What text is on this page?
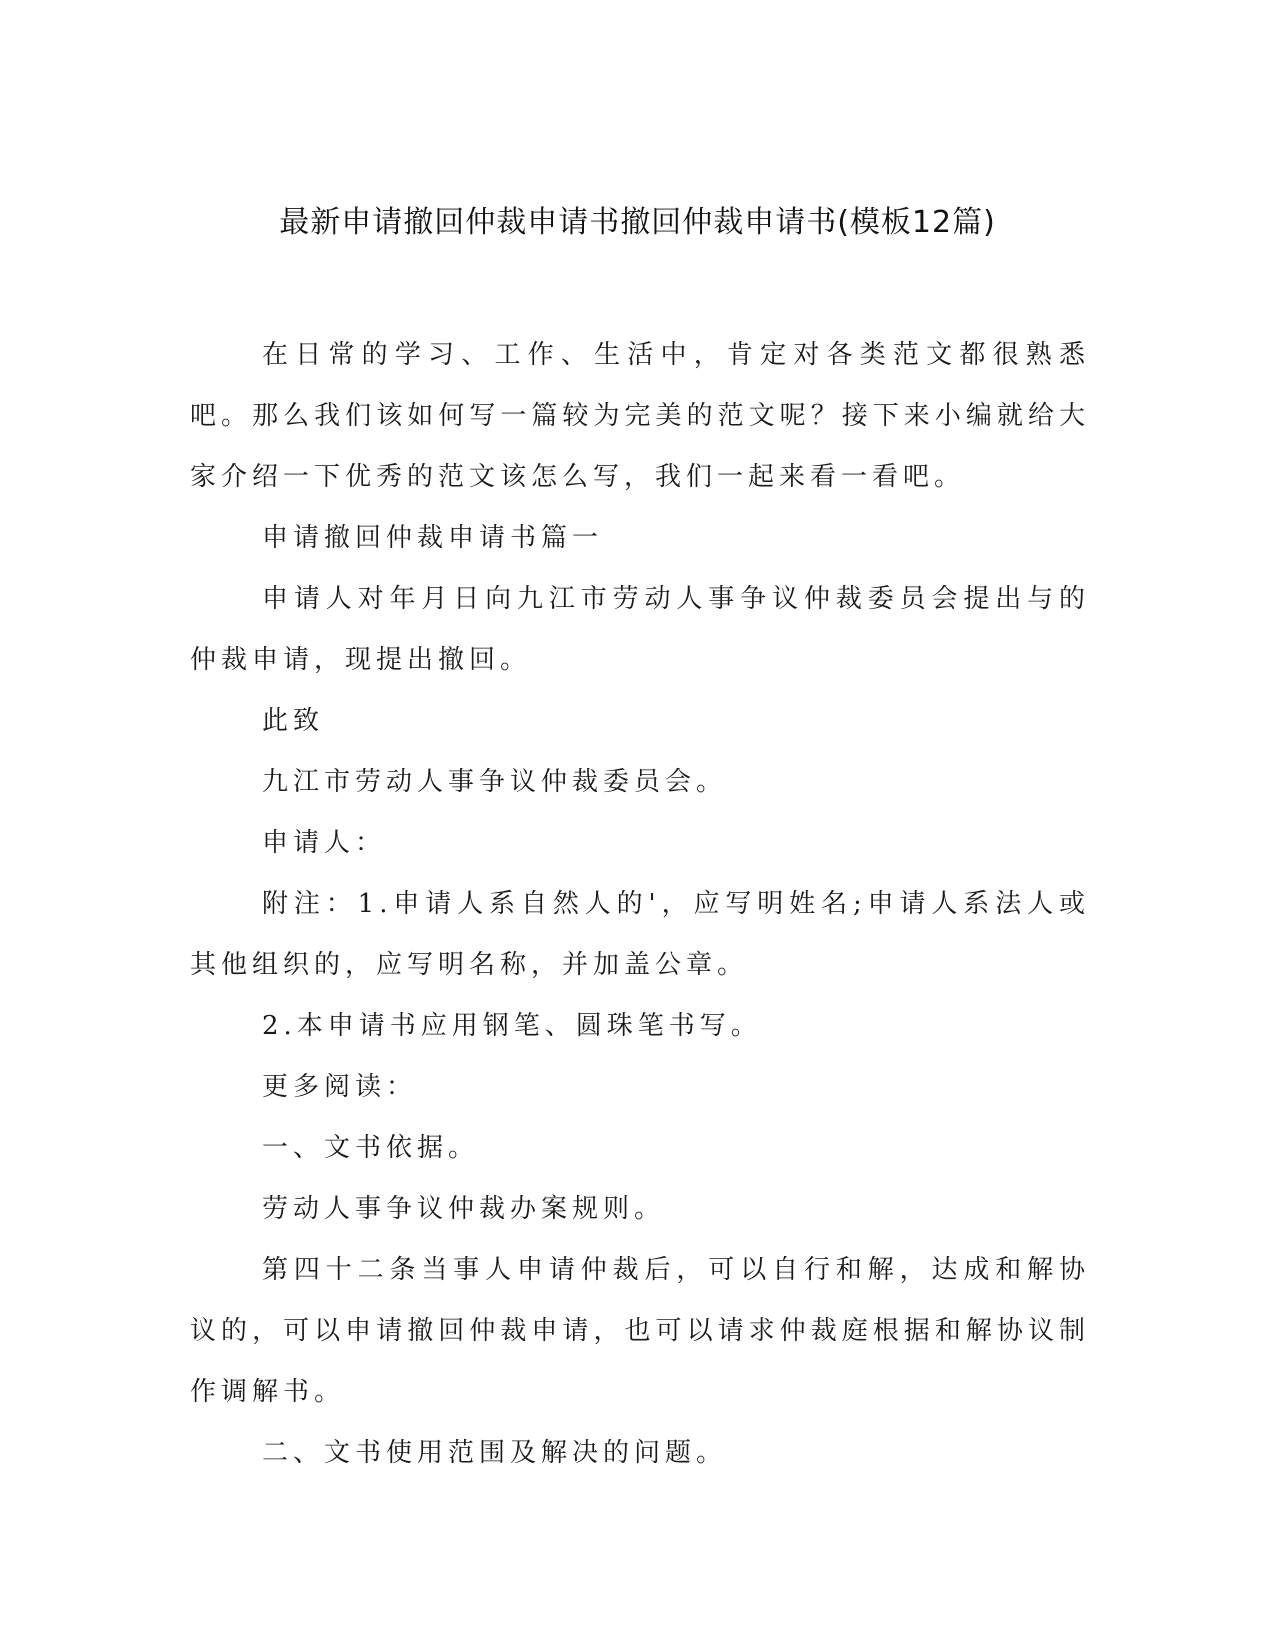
最新申请撤回仲裁申请书撤回仲裁申请书(模板12篇)

在日常的学习、工作、生活中，肯定对各类范文都很熟悉吧。那么我们该如何写一篇较为完美的范文呢？接下来小编就给大家介绍一下优秀的范文该怎么写，我们一起来看一看吧。

申请撤回仲裁申请书篇一

申请人对年月日向九江市劳动人事争议仲裁委员会提出与的仲裁申请，现提出撤回。

此致

九江市劳动人事争议仲裁委员会。

申请人：

附注：1.申请人系自然人的'，应写明姓名;申请人系法人或其他组织的，应写明名称，并加盖公章。

2.本申请书应用钢笔、圆珠笔书写。

更多阅读：

一、文书依据。

劳动人事争议仲裁办案规则。

第四十二条当事人申请仲裁后，可以自行和解，达成和解协议的，可以申请撤回仲裁申请，也可以请求仲裁庭根据和解协议制作调解书。

二、文书使用范围及解决的问题。
